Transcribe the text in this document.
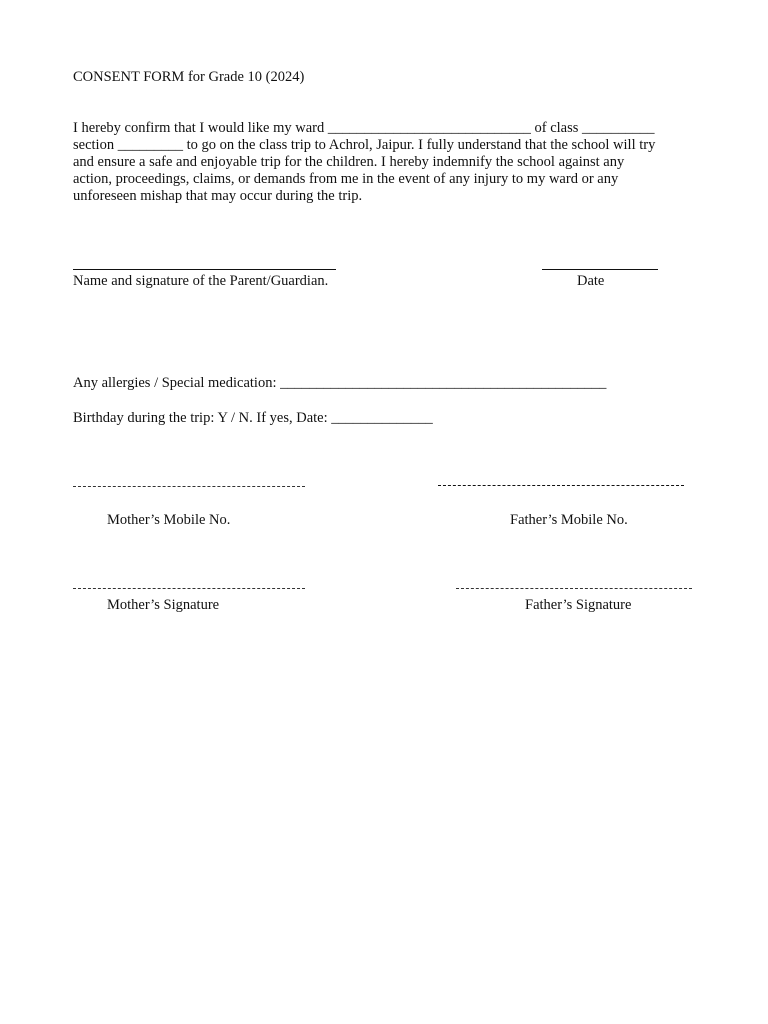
CONSENT FORM for Grade 10 (2024)
I hereby confirm that I would like my ward ____________________________ of class __________
section _________ to go on the class trip to Achrol, Jaipur. I fully understand that the school will try
and ensure a safe and enjoyable trip for the children. I hereby indemnify the school against any
action, proceedings, claims, or demands from me in the event of any injury to my ward or any
unforeseen mishap that may occur during the trip.
Name and signature of the Parent/Guardian.	Date
Any allergies / Special medication: _____________________________________________
Birthday during the trip: Y / N. If yes, Date: ______________
Mother’s Mobile No.	Father’s Mobile No.
Mother’s Signature	Father’s Signature
